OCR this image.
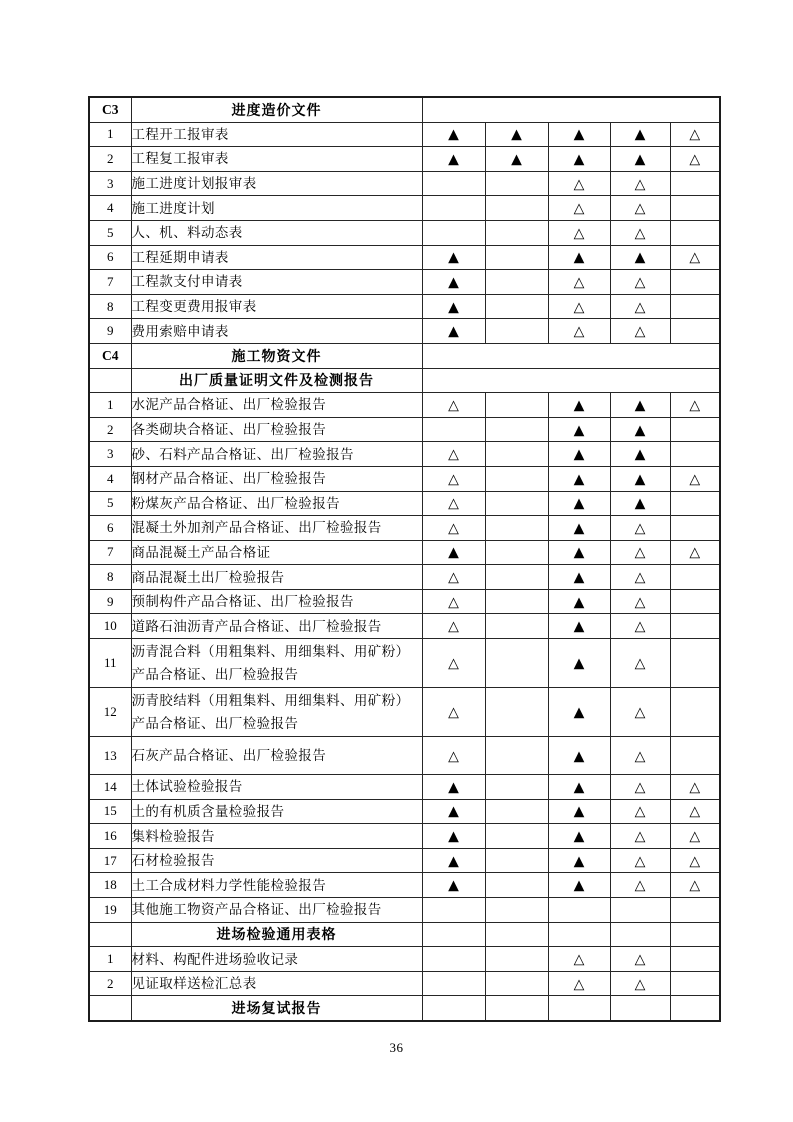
C3	进度造价文件					
1	工程开工报审表	▲	▲	▲	▲	△
2	工程复工报审表	▲	▲	▲	▲	△
3	施工进度计划报审表			△	△	
4	施工进度计划			△	△	
5	人、机、料动态表			△	△	
6	工程延期申请表	▲		▲	▲	△
7	工程款支付申请表	▲		△	△	
8	工程变更费用报审表	▲		△	△	
9	费用索赔申请表	▲		△	△	
C4	施工物资文件					
	出厂质量证明文件及检测报告					
1	水泥产品合格证、出厂检验报告	△		▲	▲	△
2	各类砌块合格证、出厂检验报告			▲	▲	
3	砂、石料产品合格证、出厂检验报告	△		▲	▲	
4	钢材产品合格证、出厂检验报告	△		▲	▲	△
5	粉煤灰产品合格证、出厂检验报告	△		▲	▲	
6	混凝土外加剂产品合格证、出厂检验报告	△		▲	△	
7	商品混凝土产品合格证	▲		▲	△	△
8	商品混凝土出厂检验报告	△		▲	△	
9	预制构件产品合格证、出厂检验报告	△		▲	△	
10	道路石油沥青产品合格证、出厂检验报告	△		▲	△	
11	沥青混合料（用粗集料、用细集料、用矿粉）
产品合格证、出厂检验报告	△		▲	△	
12	沥青胶结料（用粗集料、用细集料、用矿粉）
产品合格证、出厂检验报告	△		▲	△	
13	石灰产品合格证、出厂检验报告	△		▲	△	
14	土体试验检验报告	▲		▲	△	△
15	土的有机质含量检验报告	▲		▲	△	△
16	集料检验报告	▲		▲	△	△
17	石材检验报告	▲		▲	△	△
18	土工合成材料力学性能检验报告	▲		▲	△	△
19	其他施工物资产品合格证、出厂检验报告					

	进场检验通用表格					
1	材料、构配件进场验收记录			△	△	
2	见证取样送检汇总表			△	△	
	进场复试报告					
36
